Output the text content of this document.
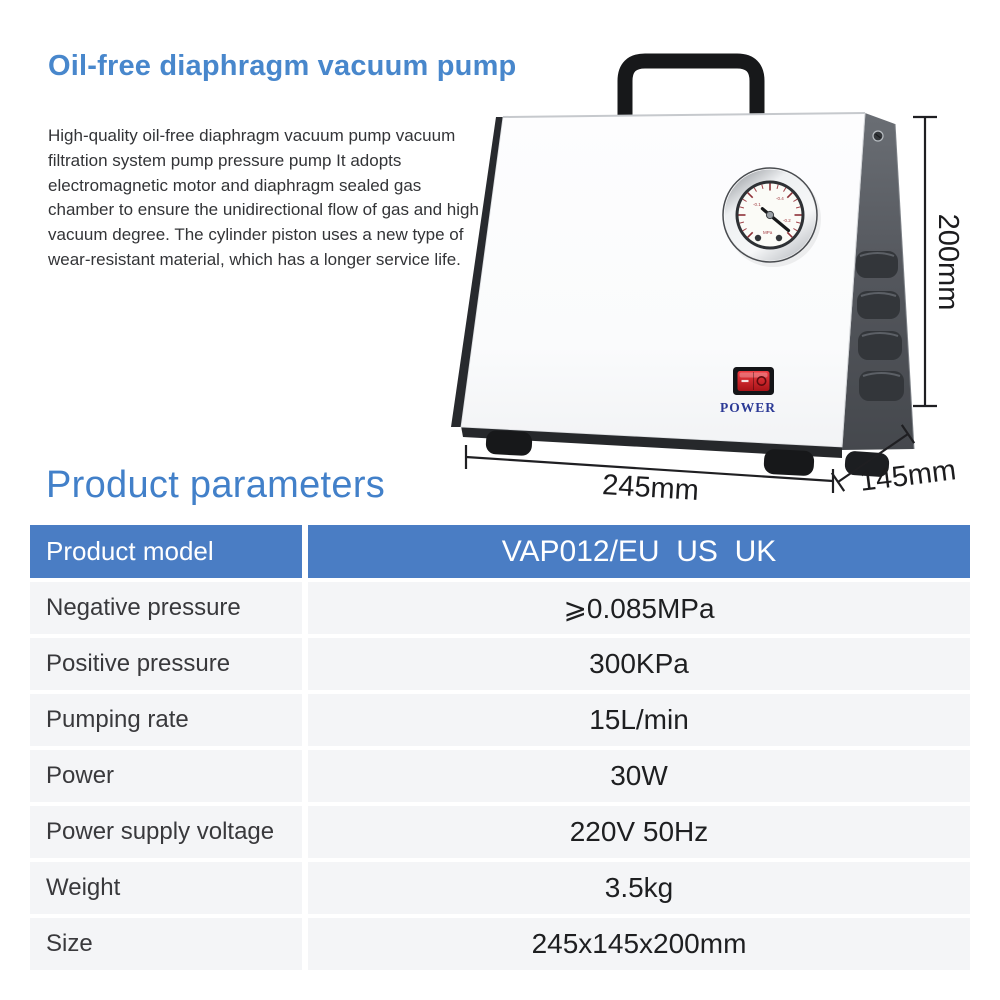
Oil-free diaphragm vacuum pump

High-quality oil-free diaphragm vacuum pump vacuum filtration system pump pressure pump It adopts electromagnetic motor and diaphragm sealed gas chamber to ensure the unidirectional flow of gas and high vacuum degree. The cylinder piston uses a new type of wear-resistant material, which has a longer service life.

-0.1
-0.4
-0.2
MPa
POWER
200mm
245mm	145mm
Product parameters
Product model	VAP012/EU  US  UK
Negative pressure	⩾0.085MPa
Positive pressure	300KPa
Pumping rate	15L/min
Power	30W
Power supply voltage	220V 50Hz
Weight	3.5kg
Size	245x145x200mm
